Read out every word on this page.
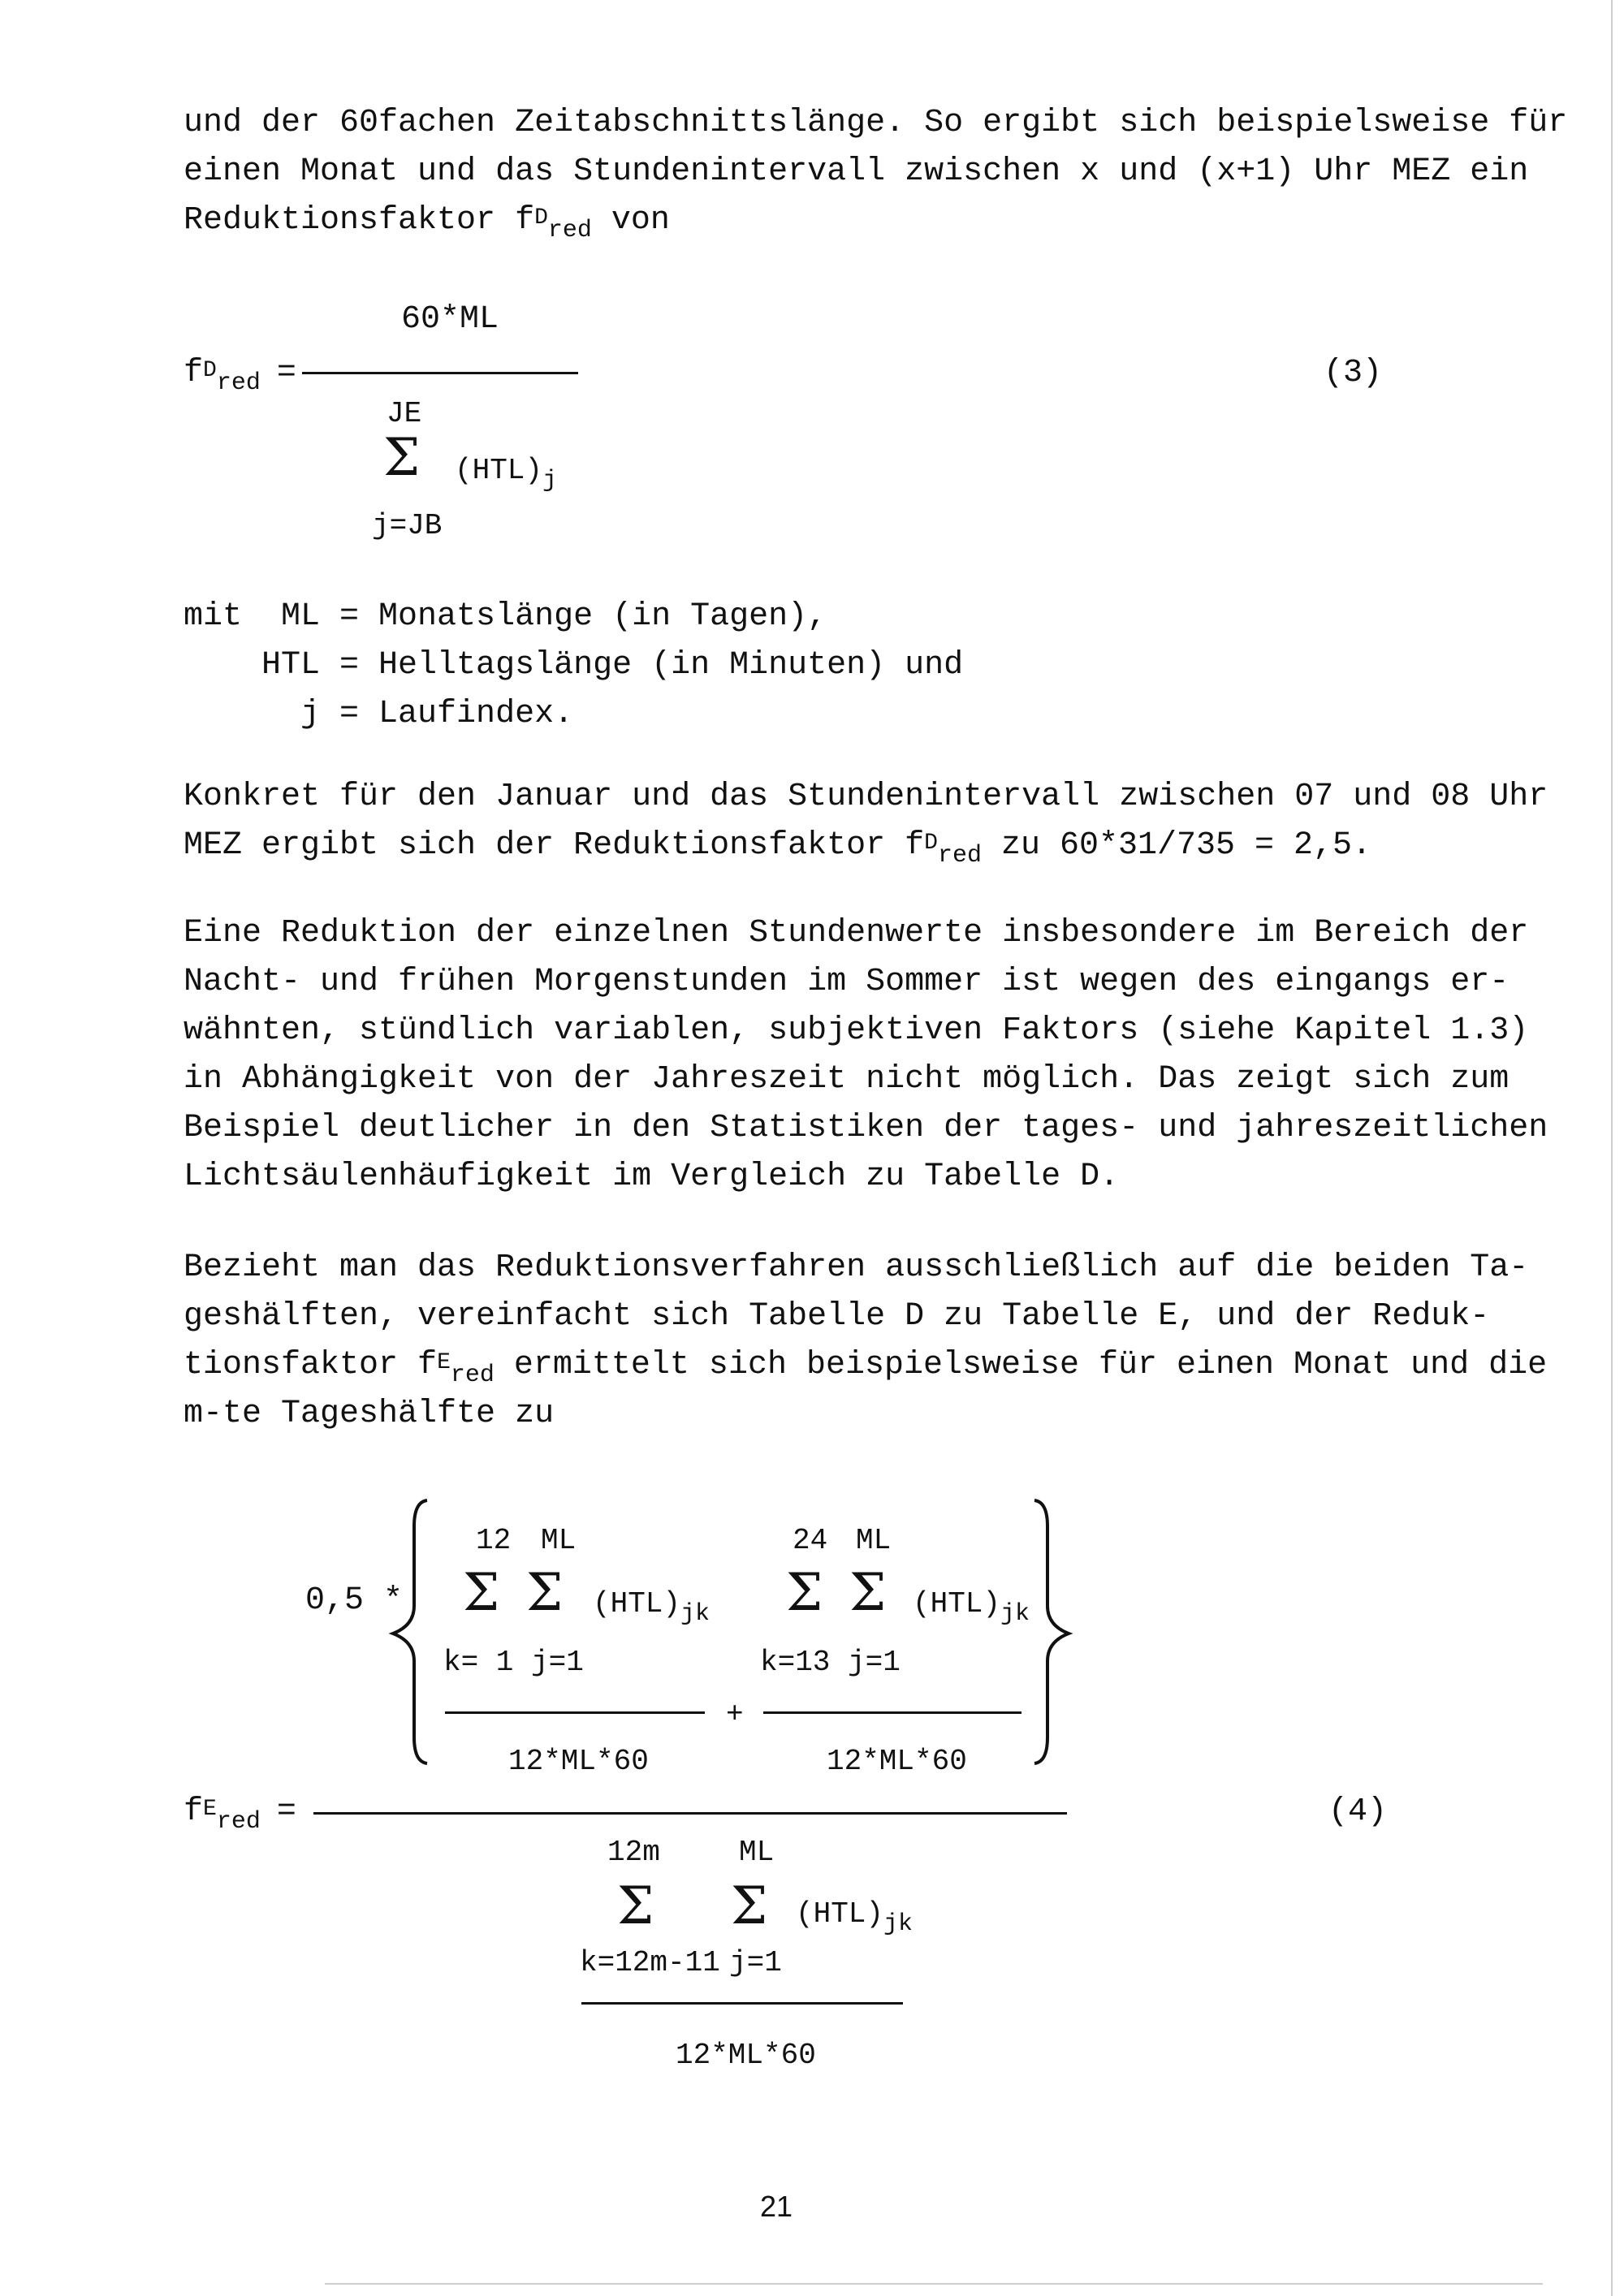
und der 60fachen Zeitabschnittslänge. So ergibt sich beispielsweise für
einen Monat und das Stundenintervall zwischen x und (x+1) Uhr MEZ ein
Reduktionsfaktor $fD_{red}$ von
60*ML
$fD_{red}$ =	(3)
JE
Σ $(HTL)_j$
j=JB
mit  ML = Monatslänge (in Tagen),
HTL = Helltagslänge (in Minuten) und
j = Laufindex.
Konkret für den Januar und das Stundenintervall zwischen 07 und 08 Uhr
MEZ ergibt sich der Reduktionsfaktor $fD_{red}$ zu 60*31/735 = 2,5.
Eine Reduktion der einzelnen Stundenwerte insbesondere im Bereich der
Nacht- und frühen Morgenstunden im Sommer ist wegen des eingangs er-
wähnten, stündlich variablen, subjektiven Faktors (siehe Kapitel 1.3)
in Abhängigkeit von der Jahreszeit nicht möglich. Das zeigt sich zum
Beispiel deutlicher in den Statistiken der tages- und jahreszeitlichen
Lichtsäulenhäufigkeit im Vergleich zu Tabelle D.
Bezieht man das Reduktionsverfahren ausschließlich auf die beiden Ta-
geshälften, vereinfacht sich Tabelle D zu Tabelle E, und der Reduk-
tionsfaktor $fE_{red}$ ermittelt sich beispielsweise für einen Monat und die
m-te Tageshälfte zu
0,5 *
12 ML	24 ML
Σ Σ $(HTL)_{jk}$ Σ Σ $(HTL)_{jk}$
k= 1 j=1	k=13 j=1
+
12*ML*60	12*ML*60
$fE_{red}$ =	(4)
12m	ML
Σ Σ $(HTL)_{jk}$
k=12m-11 j=1
12*ML*60
21
